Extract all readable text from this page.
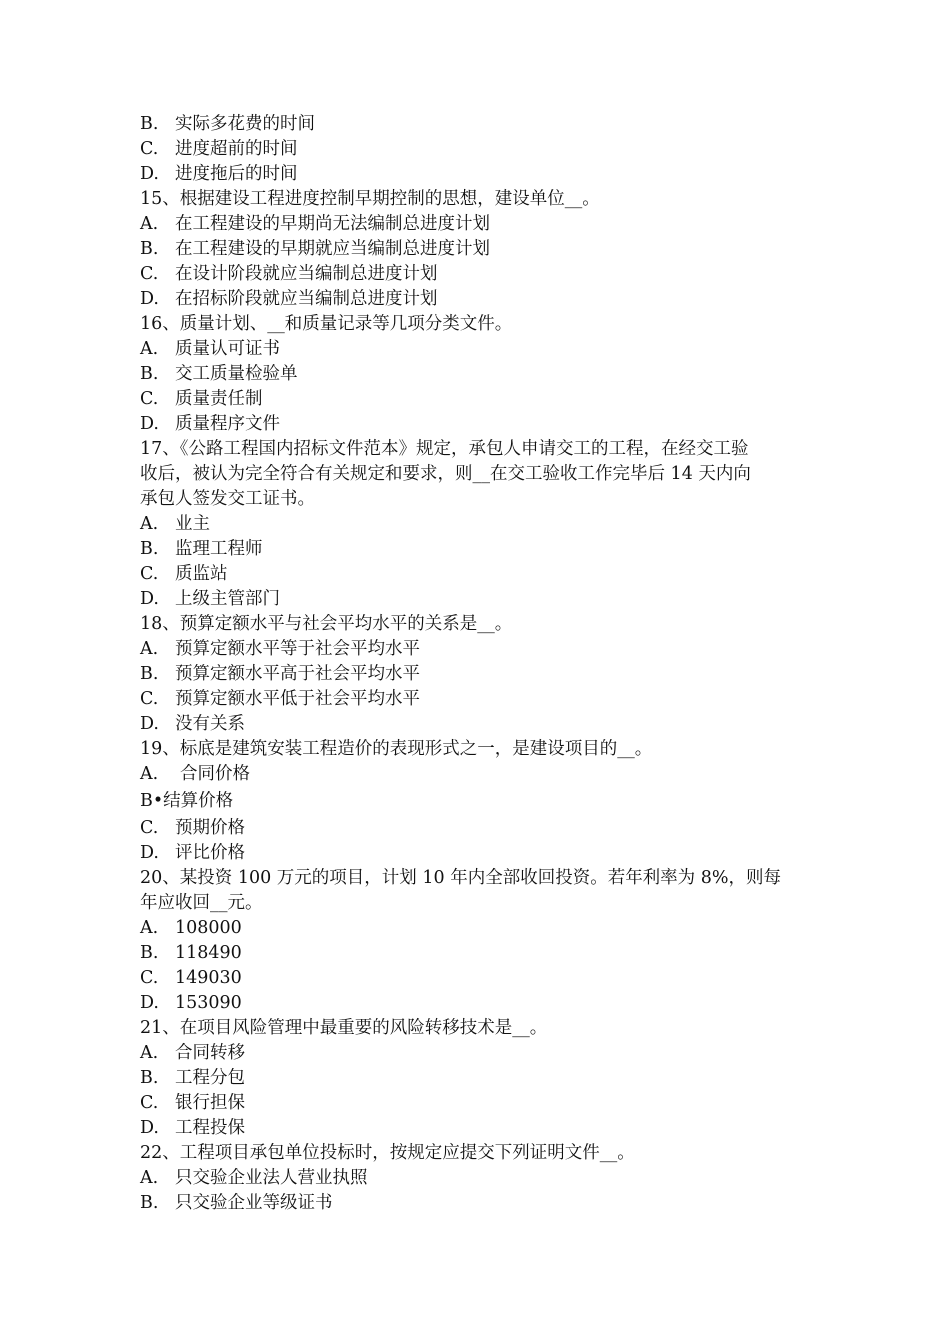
B. 实际多花费的时间
C. 进度超前的时间
D. 进度拖后的时间
15、根据建设工程进度控制早期控制的思想，建设单位__。
A. 在工程建设的早期尚无法编制总进度计划
B. 在工程建设的早期就应当编制总进度计划
C. 在设计阶段就应当编制总进度计划
D. 在招标阶段就应当编制总进度计划
16、质量计划、__和质量记录等几项分类文件。
A. 质量认可证书
B. 交工质量检验单
C. 质量责任制
D. 质量程序文件
17、《公路工程国内招标文件范本》规定，承包人申请交工的工程，在经交工验
收后，被认为完全符合有关规定和要求，则__在交工验收工作完毕后 14 天内向
承包人签发交工证书。
A. 业主
B. 监理工程师
C. 质监站
D. 上级主管部门
18、预算定额水平与社会平均水平的关系是__。
A. 预算定额水平等于社会平均水平
B. 预算定额水平高于社会平均水平
C. 预算定额水平低于社会平均水平
D. 没有关系
19、标底是建筑安装工程造价的表现形式之一，是建设项目的__。
A. 合同价格
B•结算价格
C. 预期价格
D. 评比价格
20、某投资 100 万元的项目，计划 10 年内全部收回投资。若年利率为 8%，则每
年应收回__元。
A. 108000
B. 118490
C. 149030
D. 153090
21、在项目风险管理中最重要的风险转移技术是__。
A. 合同转移
B. 工程分包
C. 银行担保
D. 工程投保
22、工程项目承包单位投标时，按规定应提交下列证明文件__。
A. 只交验企业法人营业执照
B. 只交验企业等级证书
